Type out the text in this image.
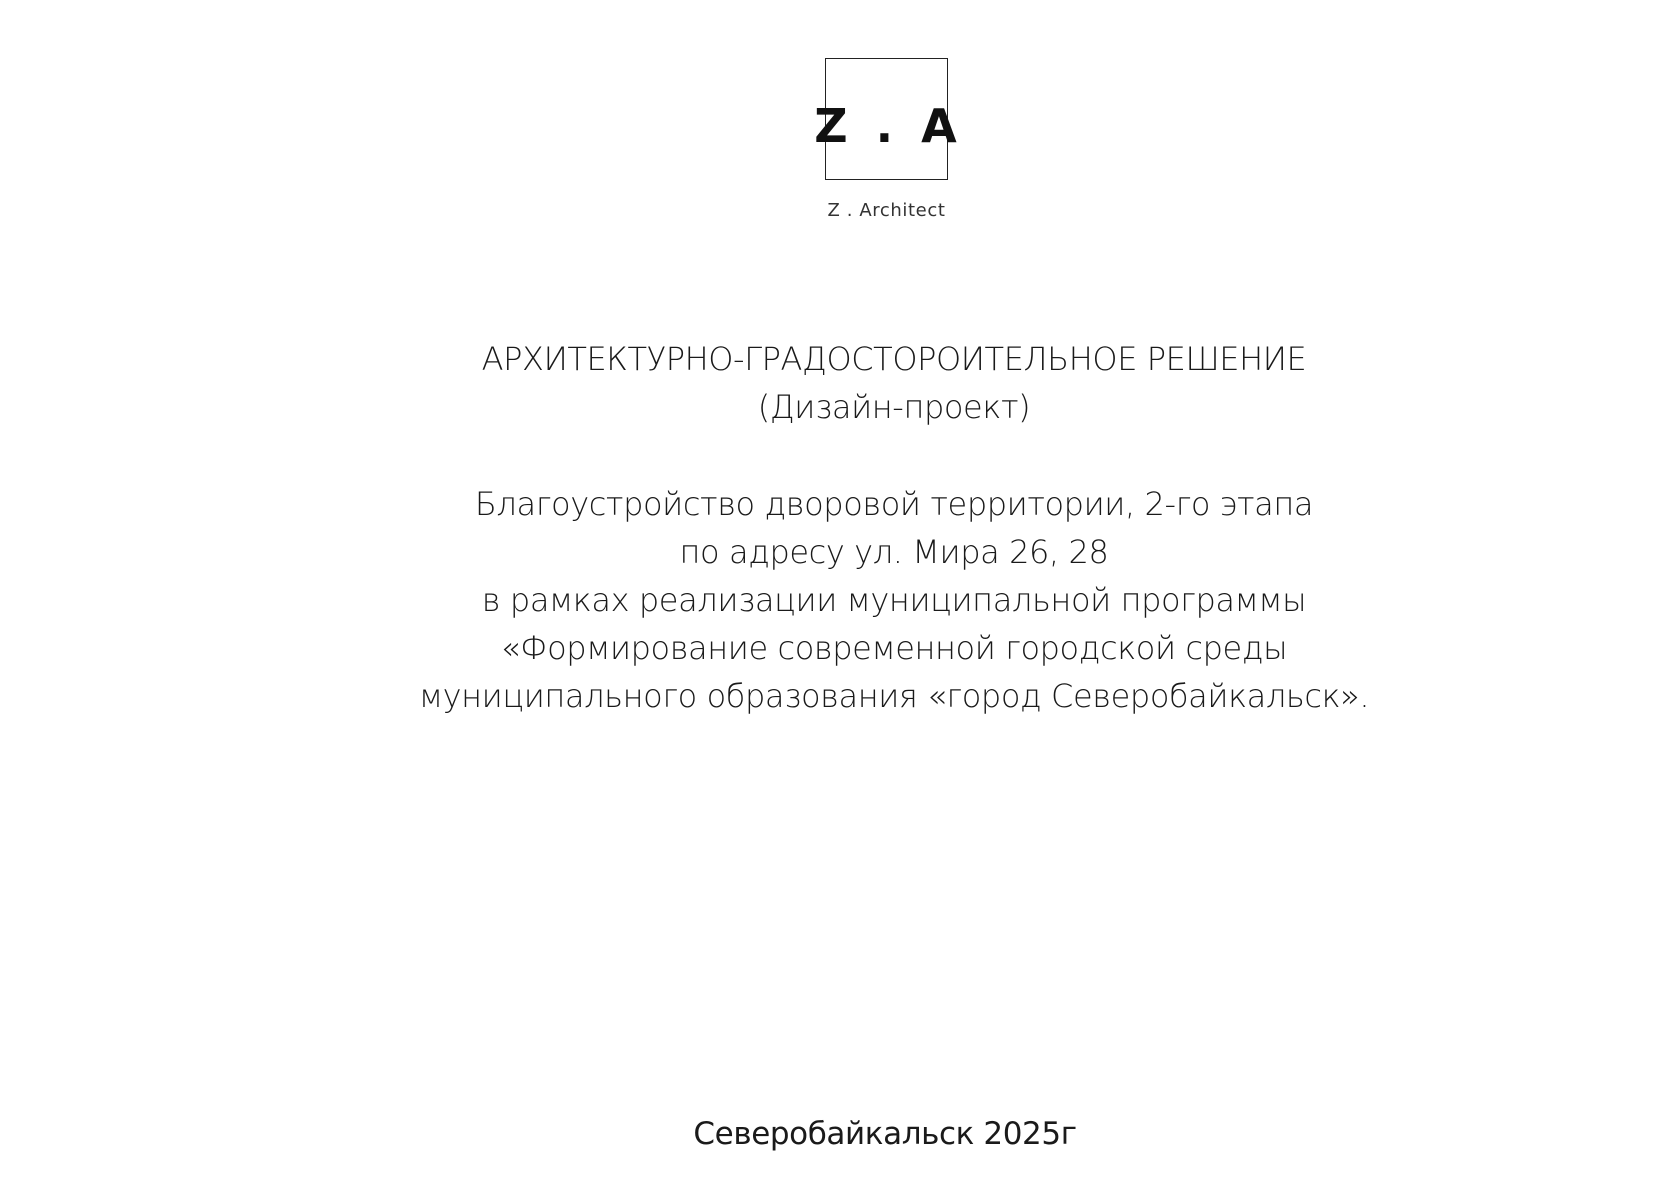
Z . A
Z . Architect
АРХИТЕКТУРНО-ГРАДОСТОРОИТЕЛЬНОЕ РЕШЕНИЕ
(Дизайн-проект)
Благоустройство дворовой территории, 2-го этапа
по адресу ул. Мира 26, 28
в рамках реализации муниципальной программы
«Формирование современной городской среды
муниципального образования «город Северобайкальск».
Северобайкальск 2025г
